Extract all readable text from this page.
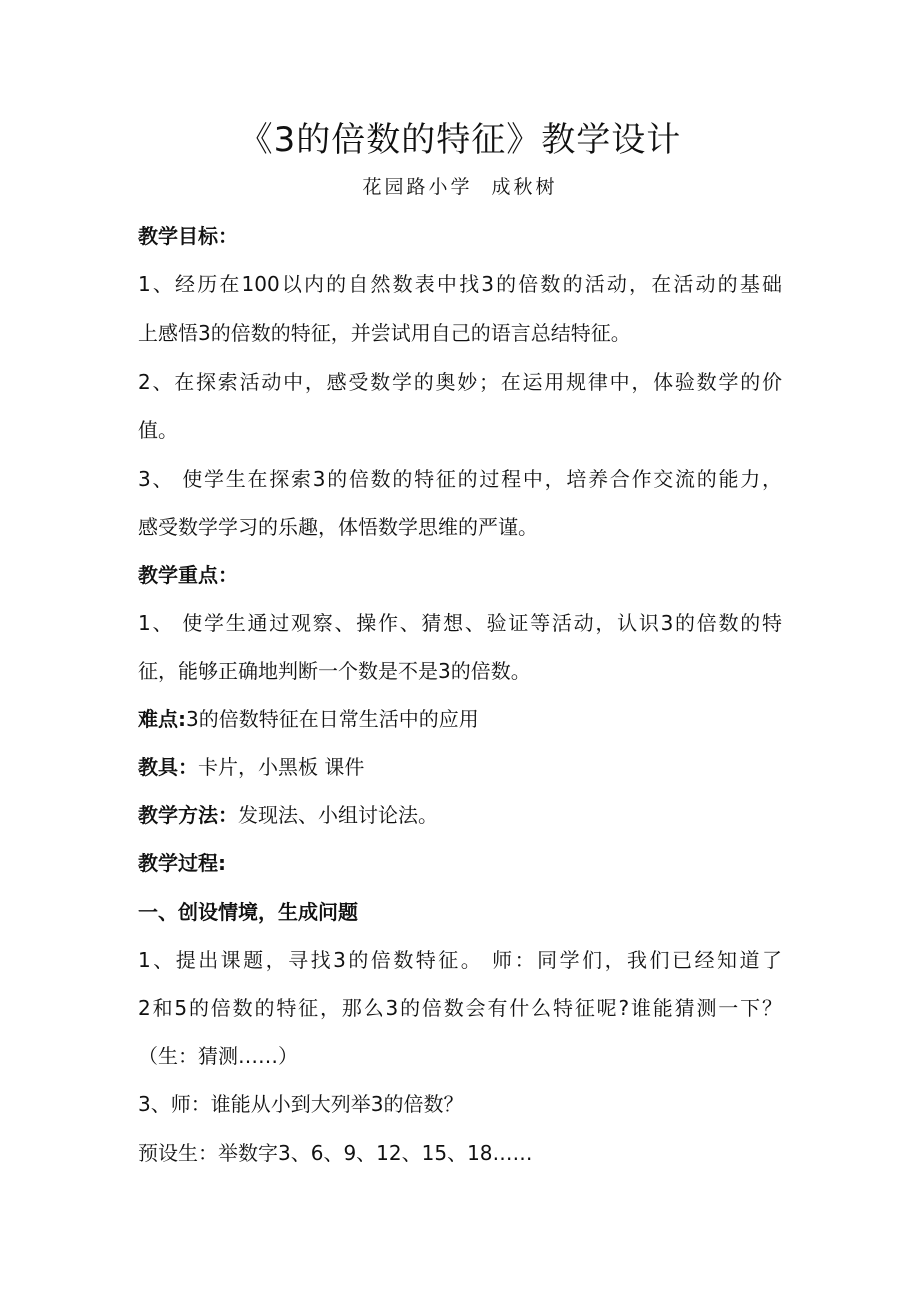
《3的倍数的特征》教学设计
花园路小学 成秋树
教学目标：
1、经历在100以内的自然数表中找3的倍数的活动，在活动的基础
上感悟3的倍数的特征，并尝试用自己的语言总结特征。
2、在探索活动中，感受数学的奥妙；在运用规律中，体验数学的价
值。
3、 使学生在探索3的倍数的特征的过程中，培养合作交流的能力，
感受数学学习的乐趣，体悟数学思维的严谨。
教学重点：
1、 使学生通过观察、操作、猜想、验证等活动，认识3的倍数的特
征，能够正确地判断一个数是不是3的倍数。
难点:3的倍数特征在日常生活中的应用
教具：卡片，小黑板 课件
教学方法：发现法、小组讨论法。
教学过程:
一、创设情境，生成问题
1、提出课题，寻找3的倍数特征。 师：同学们，我们已经知道了
2和5的倍数的特征，那么3的倍数会有什么特征呢?谁能猜测一下？
（生：猜测……）
3、师：谁能从小到大列举3的倍数？
预设生：举数字3、6、9、12、15、18……
